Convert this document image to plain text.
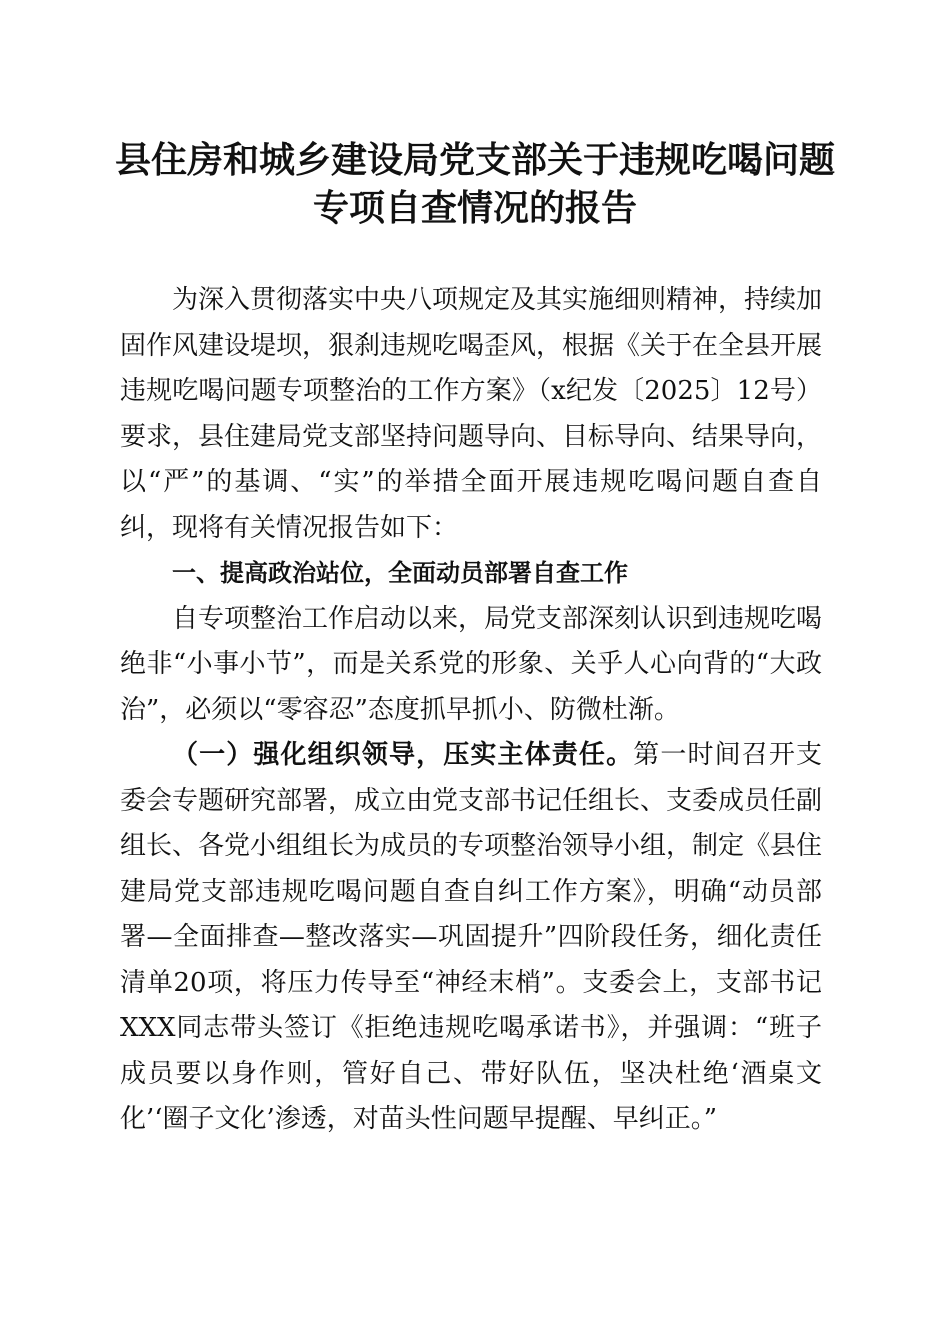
县住房和城乡建设局党支部关于违规吃喝问题
专项自查情况的报告

为深入贯彻落实中央八项规定及其实施细则精神，持续加固作风建设堤坝，狠刹违规吃喝歪风，根据《关于在全县开展违规吃喝问题专项整治的工作方案》（x纪发〔2025〕12号）要求，县住建局党支部坚持问题导向、目标导向、结果导向，以“严”的基调、“实”的举措全面开展违规吃喝问题自查自纠，现将有关情况报告如下：

一、提高政治站位，全面动员部署自查工作

自专项整治工作启动以来，局党支部深刻认识到违规吃喝绝非“小事小节”，而是关系党的形象、关乎人心向背的“大政治”，必须以“零容忍”态度抓早抓小、防微杜渐。

（一）强化组织领导，压实主体责任。第一时间召开支委会专题研究部署，成立由党支部书记任组长、支委成员任副组长、各党小组组长为成员的专项整治领导小组，制定《县住建局党支部违规吃喝问题自查自纠工作方案》，明确“动员部署—全面排查—整改落实—巩固提升”四阶段任务，细化责任清单20项，将压力传导至“神经末梢”。支委会上，支部书记XXX同志带头签订《拒绝违规吃喝承诺书》，并强调：“班子成员要以身作则，管好自己、带好队伍，坚决杜绝‘酒桌文化’‘圈子文化’渗透，对苗头性问题早提醒、早纠正。”
